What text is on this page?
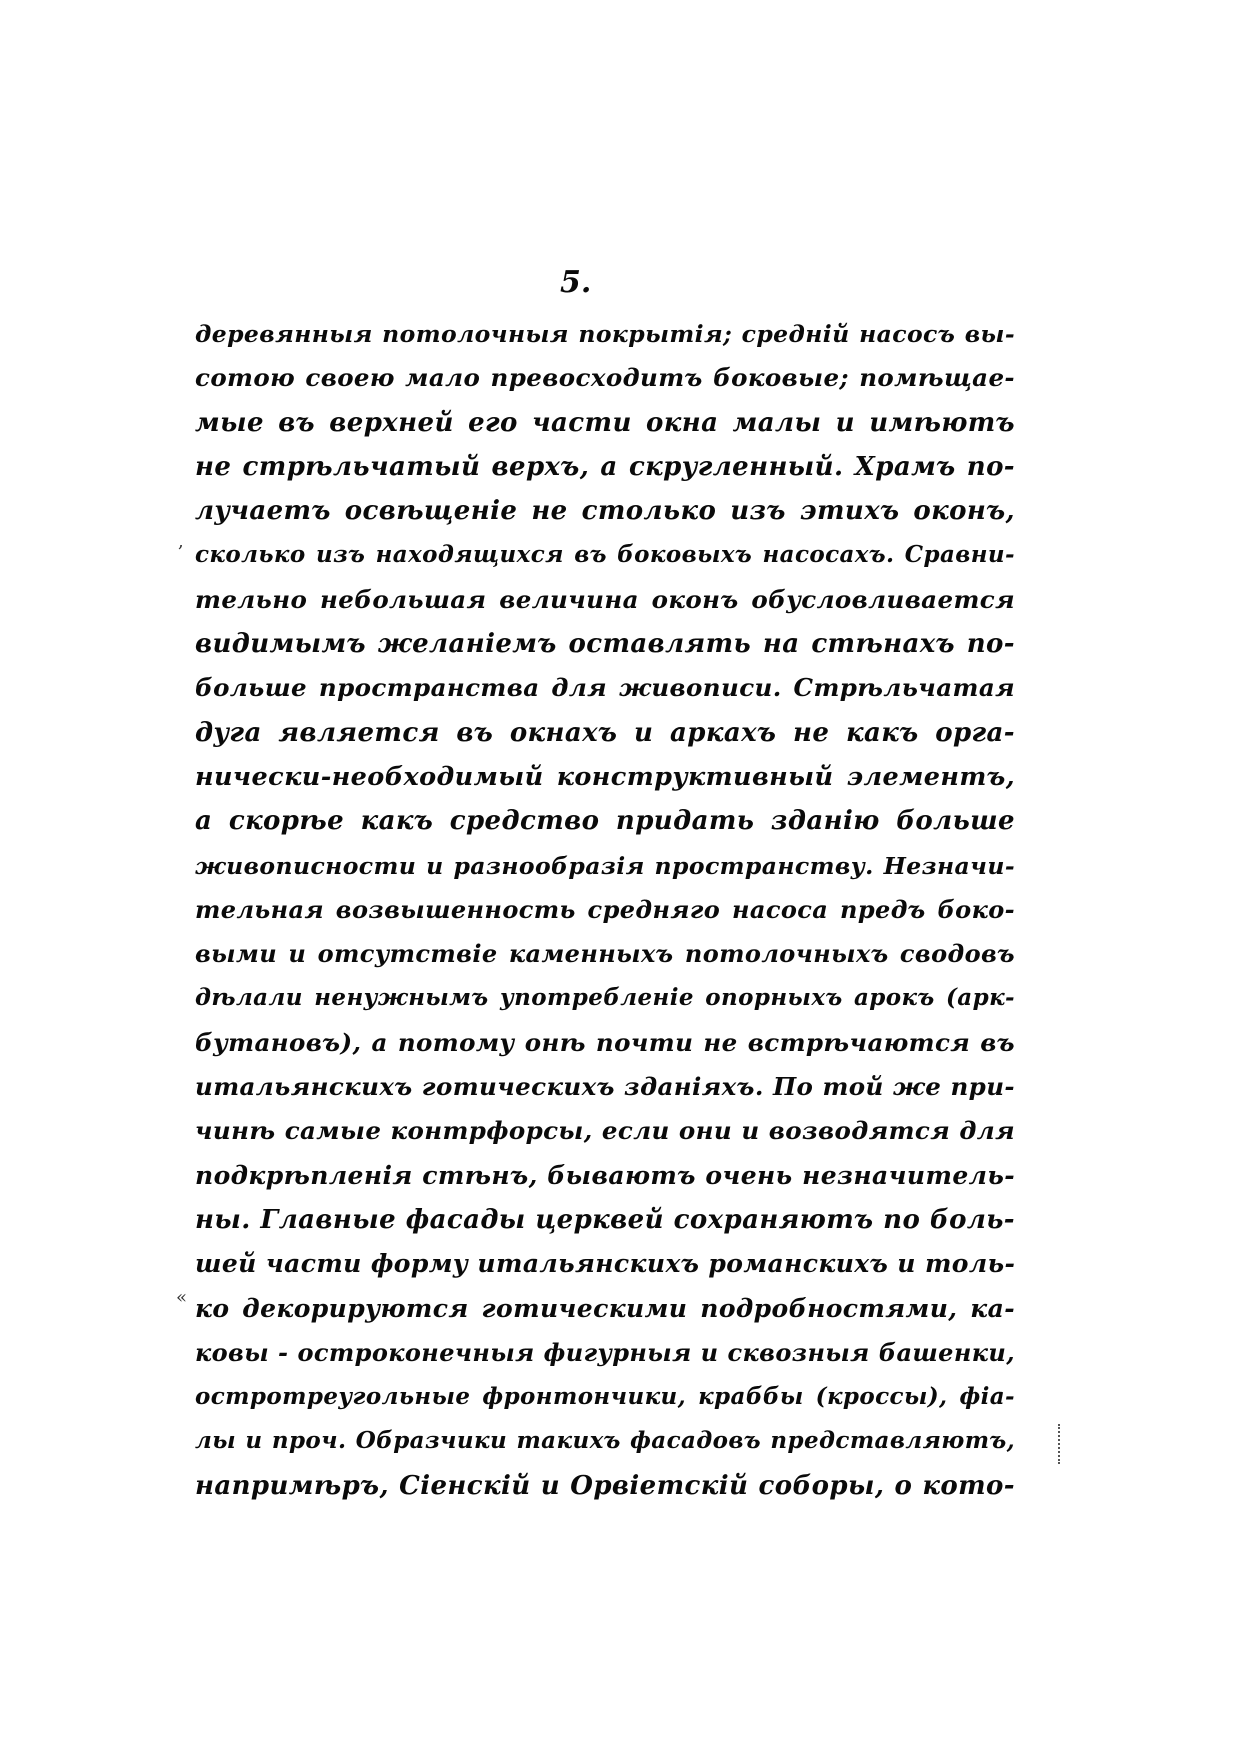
5.
деревянныя потолочныя покрытія; средній насосъ вы-
сотою своею мало превосходитъ боковые; помѣщае-
мые въ верхней его части окна малы и имѣютъ
не стрѣльчатый верхъ, а скругленный. Храмъ по-
лучаетъ освѣщеніе не столько изъ этихъ оконъ,
сколько изъ находящихся въ боковыхъ насосахъ. Сравни-
тельно небольшая величина оконъ обусловливается
видимымъ желаніемъ оставлять на стѣнахъ по-
больше пространства для живописи. Стрѣльчатая
дуга является въ окнахъ и аркахъ не какъ орга-
нически-необходимый конструктивный элементъ,
а скорѣе какъ средство придать зданію больше
живописности и разнообразія пространству. Незначи-
тельная возвышенность средняго насоса предъ боко-
выми и отсутствіе каменныхъ потолочныхъ сводовъ
дѣлали ненужнымъ употребленіе опорныхъ арокъ (арк-
бутановъ), а потому онѣ почти не встрѣчаются въ
итальянскихъ готическихъ зданіяхъ. По той же при-
чинѣ самые контрфорсы, если они и возводятся для
подкрѣпленія стѣнъ, бываютъ очень незначитель-
ны. Главные фасады церквей сохраняютъ по боль-
шей части форму итальянскихъ романскихъ и толь-
ко декорируются готическими подробностями, ка-
ковы - остроконечныя фигурныя и сквозныя башенки,
остротреугольные фронтончики, краббы (кроссы), фіа-
лы и проч. Образчики такихъ фасадовъ представляютъ,
напримѣръ, Сіенскій и Орвіетскій соборы, о кото-
,
«
